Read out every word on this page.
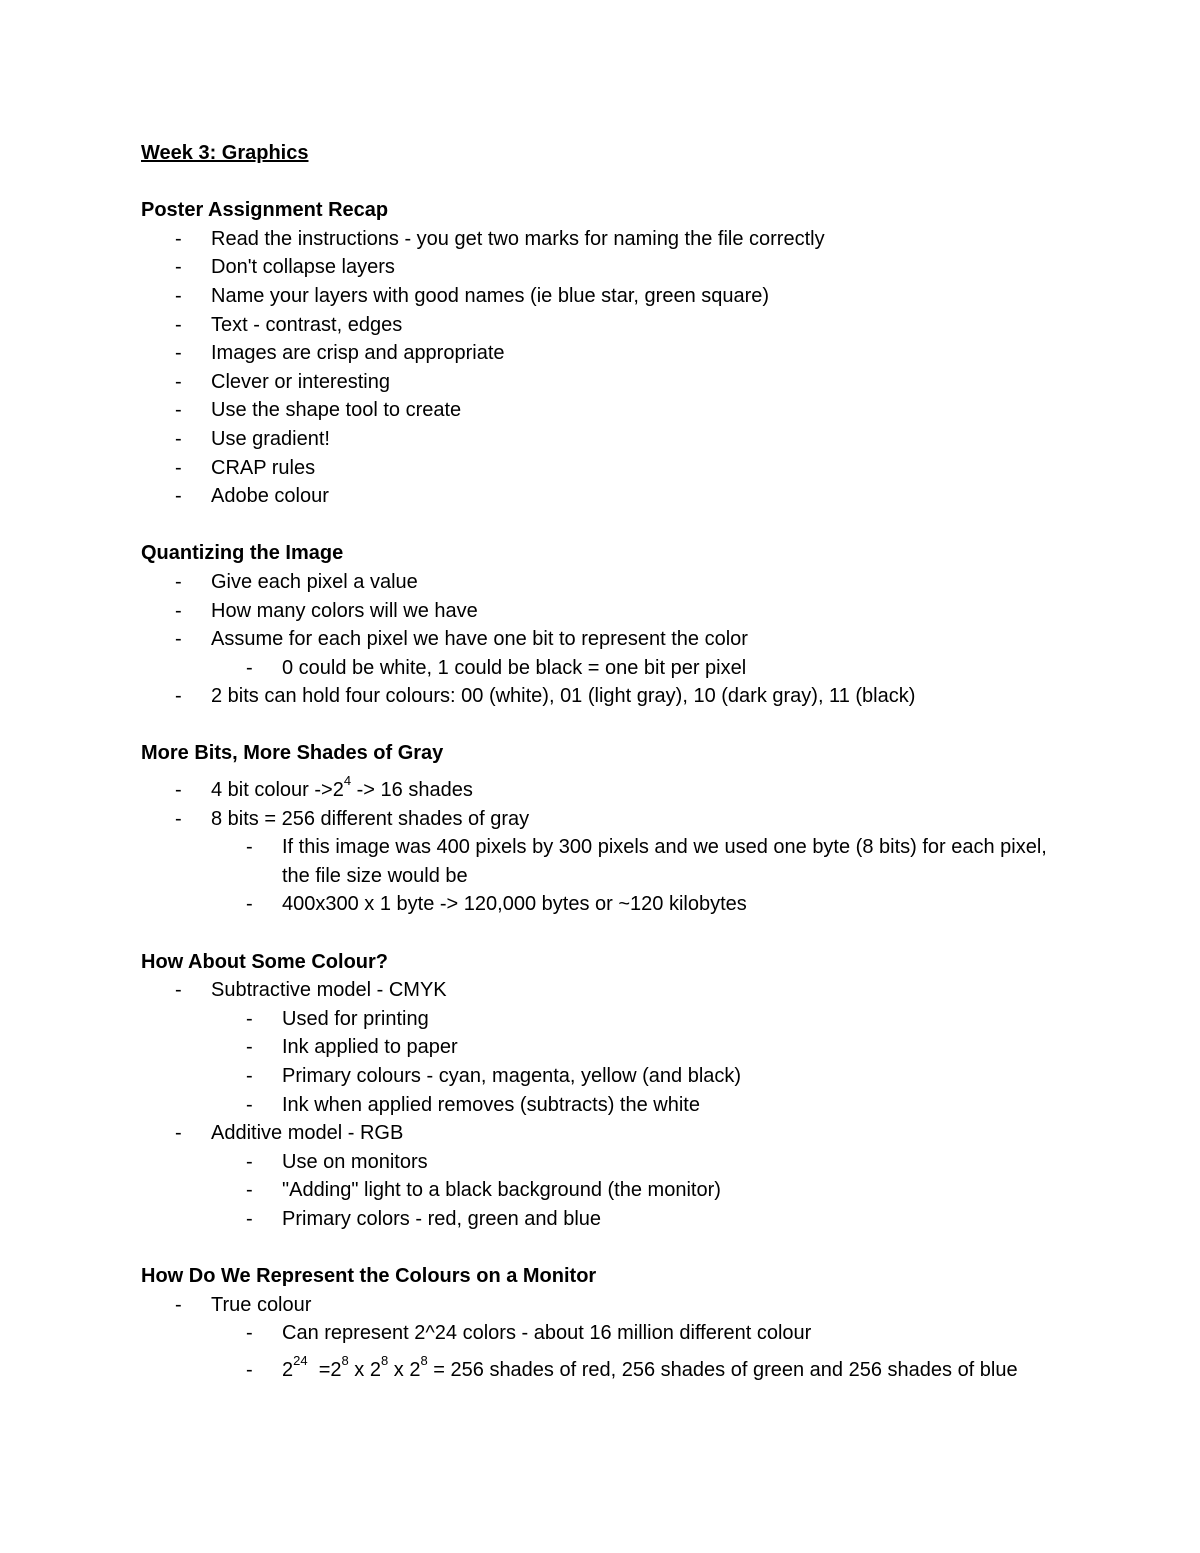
Week 3: Graphics
Poster Assignment Recap
- Read the instructions - you get two marks for naming the file correctly
- Don't collapse layers
- Name your layers with good names (ie blue star, green square)
- Text - contrast, edges
- Images are crisp and appropriate
- Clever or interesting
- Use the shape tool to create
- Use gradient!
- CRAP rules
- Adobe colour
Quantizing the Image
- Give each pixel a value
- How many colors will we have
- Assume for each pixel we have one bit to represent the color
- 0 could be white, 1 could be black = one bit per pixel
- 2 bits can hold four colours: 00 (white), 01 (light gray), 10 (dark gray), 11 (black)
More Bits, More Shades of Gray
- 4 bit colour $->2^4 -> 16$ shades
- 8 bits = 256 different shades of gray
- If this image was 400 pixels by 300 pixels and we used one byte (8 bits) for each pixel, the file size would be
- 400x300 x 1 byte -> 120,000 bytes or ~120 kilobytes
How About Some Colour?
- Subtractive model - CMYK
- Used for printing
- Ink applied to paper
- Primary colours - cyan, magenta, yellow (and black)
- Ink when applied removes (subtracts) the white
- Additive model - RGB
- Use on monitors
- "Adding" light to a black background (the monitor)
- Primary colors - red, green and blue
How Do We Represent the Colours on a Monitor
- True colour
- Can represent 2^24 colors - about 16 million different colour
- $2^{24} =2^8$ x $2^8$ x $2^8 = 256$ shades of red, 256 shades of green and 256 shades of blue
